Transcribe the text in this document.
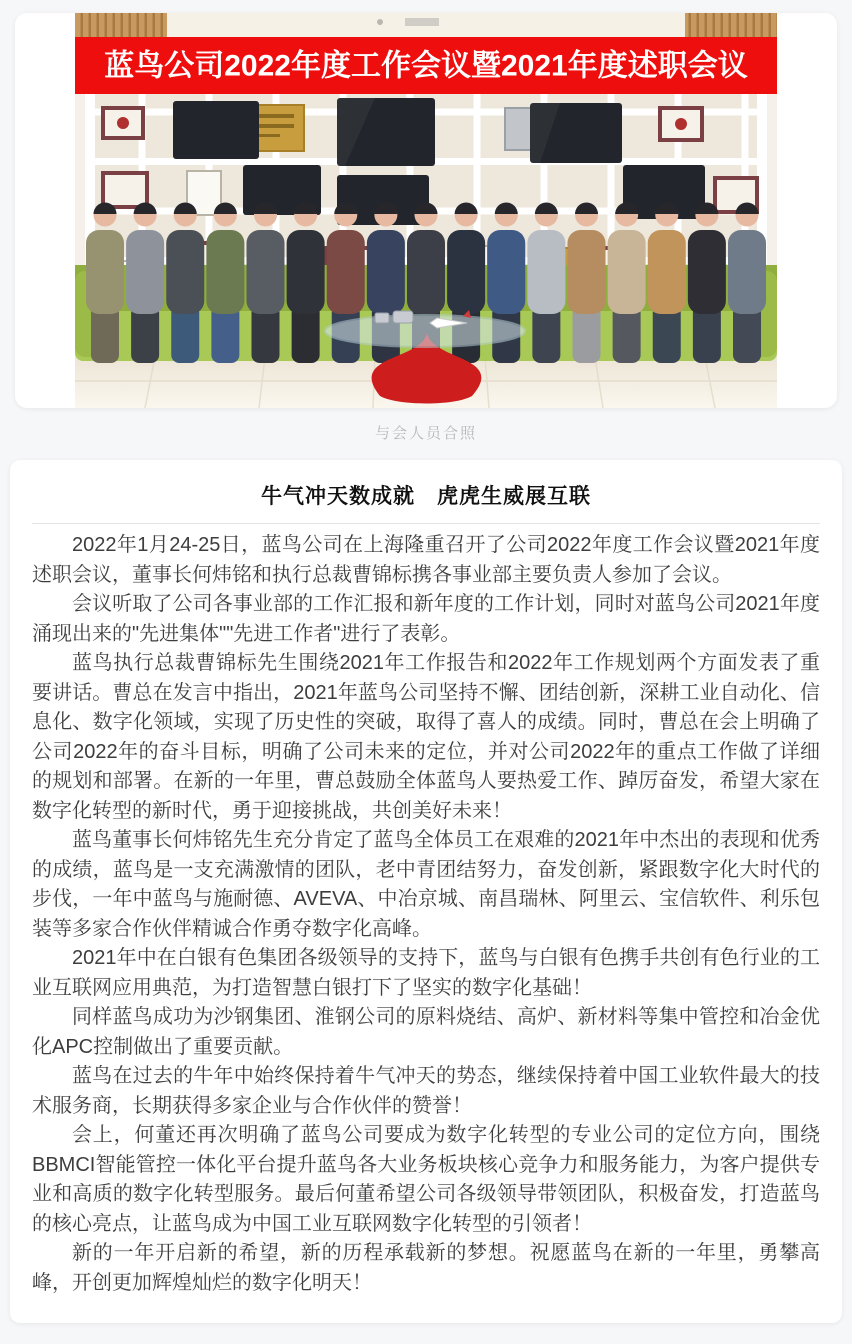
蓝鸟公司2022年度工作会议暨2021年度述职会议

与会人员合照

牛气冲天数成就　虎虎生威展互联

2022年1月24-25日，蓝鸟公司在上海隆重召开了公司2022年度工作会议暨2021年度述职会议，董事长何炜铭和执行总裁曹锦标携各事业部主要负责人参加了会议。

会议听取了公司各事业部的工作汇报和新年度的工作计划，同时对蓝鸟公司2021年度涌现出来的"先进集体""先进工作者"进行了表彰。

蓝鸟执行总裁曹锦标先生围绕2021年工作报告和2022年工作规划两个方面发表了重要讲话。曹总在发言中指出，2021年蓝鸟公司坚持不懈、团结创新，深耕工业自动化、信息化、数字化领域，实现了历史性的突破，取得了喜人的成绩。同时，曹总在会上明确了公司2022年的奋斗目标，明确了公司未来的定位，并对公司2022年的重点工作做了详细的规划和部署。在新的一年里，曹总鼓励全体蓝鸟人要热爱工作、踔厉奋发，希望大家在数字化转型的新时代，勇于迎接挑战，共创美好未来！

蓝鸟董事长何炜铭先生充分肯定了蓝鸟全体员工在艰难的2021年中杰出的表现和优秀的成绩，蓝鸟是一支充满激情的团队，老中青团结努力，奋发创新，紧跟数字化大时代的步伐，一年中蓝鸟与施耐德、AVEVA、中冶京城、南昌瑞林、阿里云、宝信软件、利乐包装等多家合作伙伴精诚合作勇夺数字化高峰。

2021年中在白银有色集团各级领导的支持下，蓝鸟与白银有色携手共创有色行业的工业互联网应用典范，为打造智慧白银打下了坚实的数字化基础！

同样蓝鸟成功为沙钢集团、淮钢公司的原料烧结、高炉、新材料等集中管控和冶金优化APC控制做出了重要贡献。

蓝鸟在过去的牛年中始终保持着牛气冲天的势态，继续保持着中国工业软件最大的技术服务商，长期获得多家企业与合作伙伴的赞誉！

会上，何董还再次明确了蓝鸟公司要成为数字化转型的专业公司的定位方向，围绕BBMCI智能管控一体化平台提升蓝鸟各大业务板块核心竞争力和服务能力，为客户提供专业和高质的数字化转型服务。最后何董希望公司各级领导带领团队，积极奋发，打造蓝鸟的核心亮点，让蓝鸟成为中国工业互联网数字化转型的引领者！

新的一年开启新的希望，新的历程承载新的梦想。祝愿蓝鸟在新的一年里，勇攀高峰，开创更加辉煌灿烂的数字化明天！
